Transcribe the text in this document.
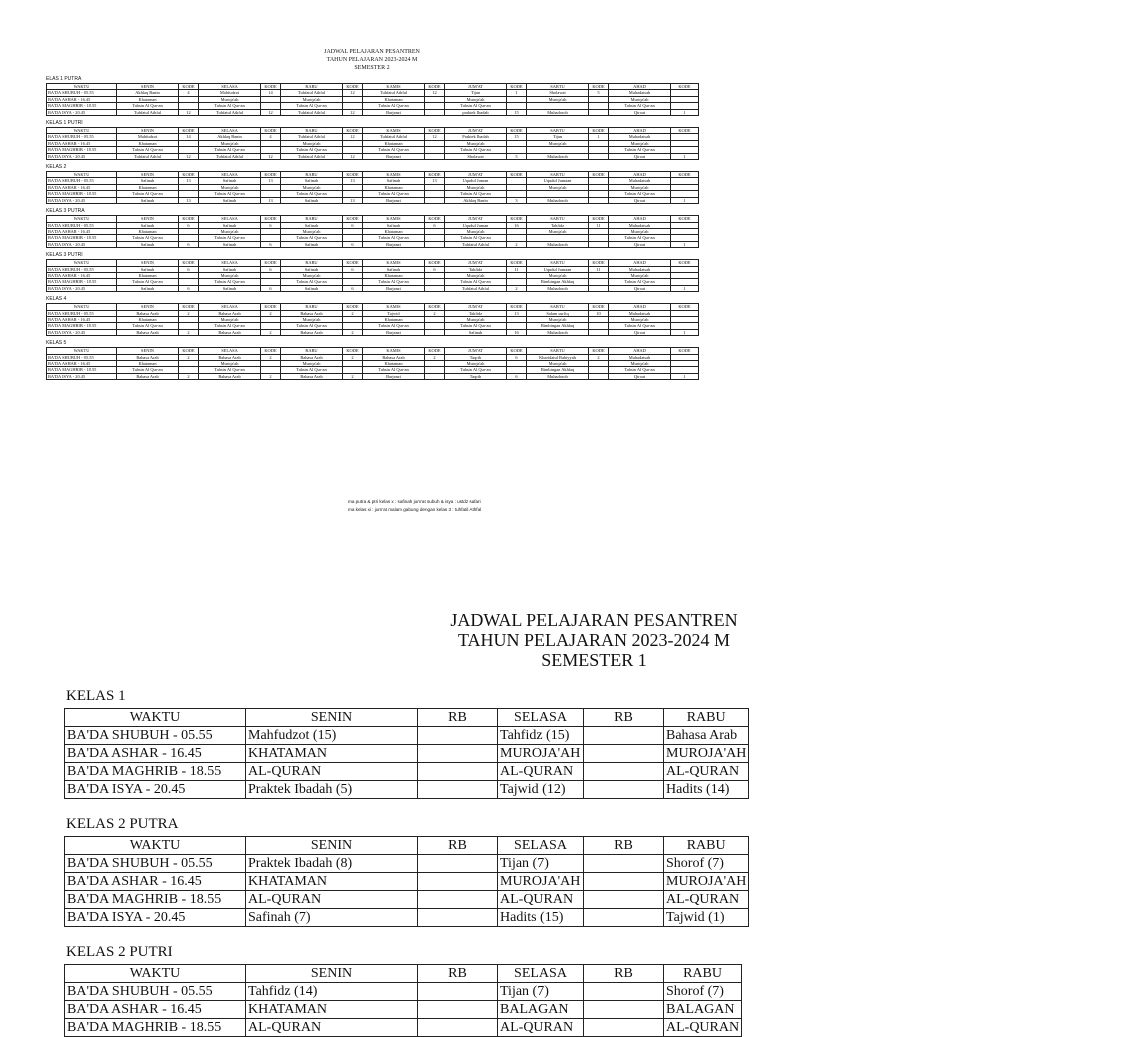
JADWAL PELAJARAN PESANTREN
TAHUN PELAJARAN 2023-2024 M
SEMESTER 2
ELAS 1 PUTRA
WAKTU	SENIN	KODE	SELASA	KODE	RABU	KODE	KAMIS	KODE	JUM'AT	KODE	SABTU	KODE	AHAD	KODE
BA'DA SHUBUH - 05.55	Akhlaq Banin	4	Mahfudzot	14	Tuhfatul Athfal	12	Tuhfatul Athfal	12	Tijan	1	Sholawat	5	Muhadatsah	
BA'DA ASHAR - 16.45	Khataman		Muroja'ah		Muroja'ah		Khataman		Muroja'ah		Muroja'ah		Muroja'ah	
BA'DA MAGHRIB - 18.55	Tahsin Al Qur-an		Tahsin Al Qur-an		Tahsin Al Qur-an		Tahsin Al Qur-an		Tahsin Al Qur-an				Tahsin Al Qur-an	
BA'DA ISYA - 20.45	Tuhfatul Athfal	12	Tuhfatul Athfal	12	Tuhfatul Athfal	12	Barjanzi		praktek Ibadah	15	Muhadoroh		Qiroat	1
KELAS 1 PUTRI
WAKTU	SENIN	KODE	SELASA	KODE	RABU	KODE	KAMIS	KODE	JUM'AT	KODE	SABTU	KODE	AHAD	KODE
BA'DA SHUBUH - 05.55	Mahfudzot	14	Akhlaq Banin	4	Tuhfatul Athfal	12	Tuhfatul Athfal	12	Praktek Ibadah	15	Tijan	1	Muhadatsah	
BA'DA ASHAR - 16.45	Khataman		Muroja'ah		Muroja'ah		Khataman		Muroja'ah		Muroja'ah		Muroja'ah	
BA'DA MAGHRIB - 18.55	Tahsin Al Qur-an		Tahsin Al Qur-an		Tahsin Al Qur-an		Tahsin Al Qur-an		Tahsin Al Qur-an				Tahsin Al Qur-an	
BA'DA ISYA - 20.45	Tuhfatul Athfal	12	Tuhfatul Athfal	12	Tuhfatul Athfal	12	Barjanzi		Sholawat	5	Muhadoroh		Qiroat	1
KELAS 2
WAKTU	SENIN	KODE	SELASA	KODE	RABU	KODE	KAMIS	KODE	JUM'AT	KODE	SABTU	KODE	AHAD	KODE
BA'DA SHUBUH - 05.55	Safinah	13	Safinah	13	Safinah	13	Safinah	13	Uqudul Juman		Uqudul Jumaan		Muhadatsah	
BA'DA ASHAR - 16.45	Khataman		Muroja'ah		Muroja'ah		Khataman		Muroja'ah		Muroja'ah		Muroja'ah	
BA'DA MAGHRIB - 18.55	Tahsin Al Qur-an		Tahsin Al Qur-an		Tahsin Al Qur-an		Tahsin Al Qur-an		Tahsin Al Qur-an				Tahsin Al Qur-an	
BA'DA ISYA - 20.45	Safinah	13	Safinah	13	Safinah	13	Barjanzi		Akhlaq Banin	3	Muhadoroh		Qiroat	1
KELAS 3 PUTRA
WAKTU	SENIN	KODE	SELASA	KODE	RABU	KODE	KAMIS	KODE	JUM'AT	KODE	SABTU	KODE	AHAD	KODE
BA'DA SHUBUH - 05.55	Safinah	6	Safinah	6	Safinah	6	Safinah	6	Uqudul Juman	16	Tahfidz	11	Muhadatsah	
BA'DA ASHAR - 16.45	Khataman		Muroja'ah		Muroja'ah		Khataman		Muroja'ah		Muroja'ah		Muroja'ah	
BA'DA MAGHRIB - 18.55	Tahsin Al Qur-an		Tahsin Al Qur-an		Tahsin Al Qur-an		Tahsin Al Qur-an		Tahsin Al Qur-an				Tahsin Al Qur-an	
BA'DA ISYA - 20.45	Safinah	6	Safinah	6	Safinah	6	Barjanzi		Tuhfatul Athfal	2	Muhadoroh		Qiroat	1
KELAS 3 PUTRI
WAKTU	SENIN	KODE	SELASA	KODE	RABU	KODE	KAMIS	KODE	JUM'AT	KODE	SABTU	KODE	AHAD	KODE
BA'DA SHUBUH - 05.55	Safinah	6	Safinah	6	Safinah	6	Safinah	6	Tahfidz	11	Uqudul Jumaan	11	Muhadatsah	
BA'DA ASHAR - 16.45	Khataman		Muroja'ah		Muroja'ah		Khataman		Muroja'ah		Muroja'ah		Muroja'ah	
BA'DA MAGHRIB - 18.55	Tahsin Al Qur-an		Tahsin Al Qur-an		Tahsin Al Qur-an		Tahsin Al Qur-an		Tahsin Al Qur-an		Bimbingan Akhlaq		Tahsin Al Qur-an	
BA'DA ISYA - 20.45	Safinah	6	Safinah	6	Safinah	6	Barjanzi		Tuhfatul Athfal	2	Muhadoroh		Qiroat	1
KELAS 4
WAKTU	SENIN	KODE	SELASA	KODE	RABU	KODE	KAMIS	KODE	JUM'AT	KODE	SABTU	KODE	AHAD	KODE
BA'DA SHUBUH - 05.55	Bahasa Arab	2	Bahasa Arab	2	Bahasa Arab	2	Tajwid	2	Tahfidz	13	Salam surfiq	10	Muhadatsah	
BA'DA ASHAR - 16.45	Khataman		Muroja'ah		Muroja'ah		Khataman		Muroja'ah		Muroja'ah		Muroja'ah	
BA'DA MAGHRIB - 18.55	Tahsin Al Qur-an		Tahsin Al Qur-an		Tahsin Al Qur-an		Tahsin Al Qur-an		Tahsin Al Qur-an		Bimbingan Akhlaq		Tahsin Al Qur-an	
BA'DA ISYA - 20.45	Bahasa Arab	2	Bahasa Arab	2	Bahasa Arab	2	Barjanzi		Safinah	16	Muhadoroh		Qiroat	1
KELAS 5
WAKTU	SENIN	KODE	SELASA	KODE	RABU	KODE	KAMIS	KODE	JUM'AT	KODE	SABTU	KODE	AHAD	KODE
BA'DA SHUBUH - 05.55	Bahasa Arab	2	Bahasa Arab	2	Bahasa Arab	2	Bahasa Arab	2	Taqrib	6	Kharidatul Bahiyyah	2	Muhadatsah	
BA'DA ASHAR - 16.45	Khataman		Muroja'ah		Muroja'ah		Khataman		Muroja'ah		Muroja'ah		Muroja'ah	
BA'DA MAGHRIB - 18.55	Tahsin Al Qur-an		Tahsin Al Qur-an		Tahsin Al Qur-an		Tahsin Al Qur-an		Tahsin Al Qur-an		Bimbingan Akhlaq		Tahsin Al Qur-an	
BA'DA ISYA - 20.45	Bahasa Arab	2	Bahasa Arab	2	Bahasa Arab	2	Barjanzi		Taqrib	6	Muhadoroh		Qiroat	1
ma putra & ptri kelas x : safinah jum'at subuh & isya : ustdz safari
ma kelas xi : jum'at malam gabung dengan kelas 3 : tuhfatil Athfal
JADWAL PELAJARAN PESANTREN
TAHUN PELAJARAN 2023-2024 M
SEMESTER 1
KELAS 1
WAKTU	SENIN	RB	SELASA	RB	RABU
BA'DA SHUBUH - 05.55	Mahfudzot (15)		Tahfidz (15)		Bahasa Arab
BA'DA ASHAR - 16.45	KHATAMAN		MUROJA'AH		MUROJA'AH
BA'DA MAGHRIB - 18.55	AL-QURAN		AL-QURAN		AL-QURAN
BA'DA ISYA - 20.45	Praktek Ibadah (5)		Tajwid (12)		Hadits (14)
KELAS 2 PUTRA
WAKTU	SENIN	RB	SELASA	RB	RABU
BA'DA SHUBUH - 05.55	Praktek Ibadah (8)		Tijan (7)		Shorof (7)
BA'DA ASHAR - 16.45	KHATAMAN		MUROJA'AH		MUROJA'AH
BA'DA MAGHRIB - 18.55	AL-QURAN		AL-QURAN		AL-QURAN
BA'DA ISYA - 20.45	Safinah (7)		Hadits (15)		Tajwid (1)
KELAS 2 PUTRI
WAKTU	SENIN	RB	SELASA	RB	RABU
BA'DA SHUBUH - 05.55	Tahfidz (14)		Tijan (7)		Shorof (7)
BA'DA ASHAR - 16.45	KHATAMAN		BALAGAN		BALAGAN
BA'DA MAGHRIB - 18.55	AL-QURAN		AL-QURAN		AL-QURAN
